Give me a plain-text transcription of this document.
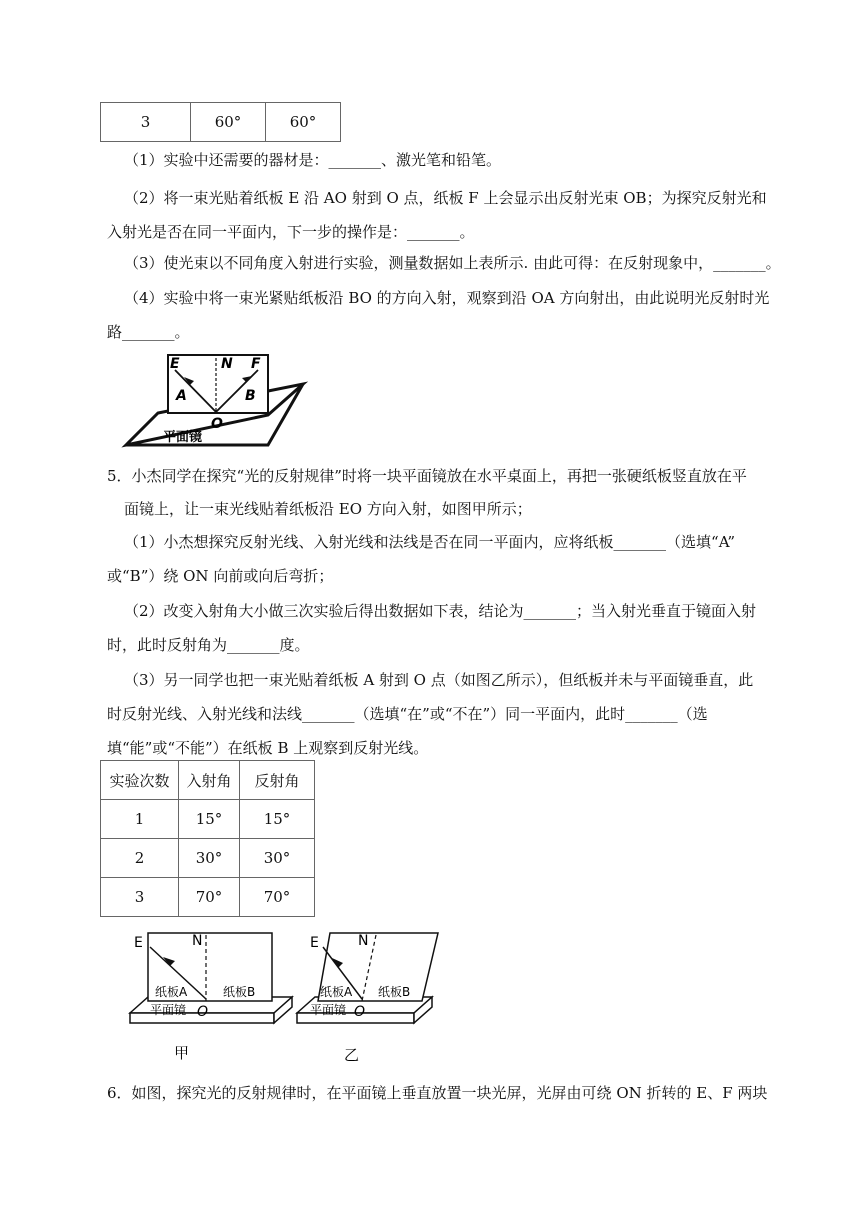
3	60°	60°
（1）实验中还需要的器材是：_______、激光笔和铅笔。
（2）将一束光贴着纸板 E 沿 AO 射到 O 点，纸板 F 上会显示出反射光束 OB；为探究反射光和
入射光是否在同一平面内，下一步的操作是：_______。
（3）使光束以不同角度入射进行实验，测量数据如上表所示. 由此可得：在反射现象中，_______。
（4）实验中将一束光紧贴纸板沿 BO 的方向入射，观察到沿 OA 方向射出，由此说明光反射时光
路_______。
E	N F
A	B
O
平面镜
5．小杰同学在探究“光的反射规律”时将一块平面镜放在水平桌面上，再把一张硬纸板竖直放在平
面镜上，让一束光线贴着纸板沿 EO 方向入射，如图甲所示；
（1）小杰想探究反射光线、入射光线和法线是否在同一平面内，应将纸板_______（选填“A”
或“B”）绕 ON 向前或向后弯折；
（2）改变入射角大小做三次实验后得出数据如下表，结论为_______；当入射光垂直于镜面入射
时，此时反射角为_______度。
（3）另一同学也把一束光贴着纸板 A 射到 O 点（如图乙所示），但纸板并未与平面镜垂直，此
时反射光线、入射光线和法线_______（选填“在”或“不在”）同一平面内，此时_______（选
填“能”或“不能”）在纸板 B 上观察到反射光线。
实验次数	入射角	反射角
1	15°	15°
2	30°	30°
3	70°	70°
E	N
纸板A	纸板B
平面镜 O
甲
E	N
纸板A 纸板B
平面镜 O
乙
6．如图，探究光的反射规律时，在平面镜上垂直放置一块光屏，光屏由可绕 ON 折转的 E、F 两块
